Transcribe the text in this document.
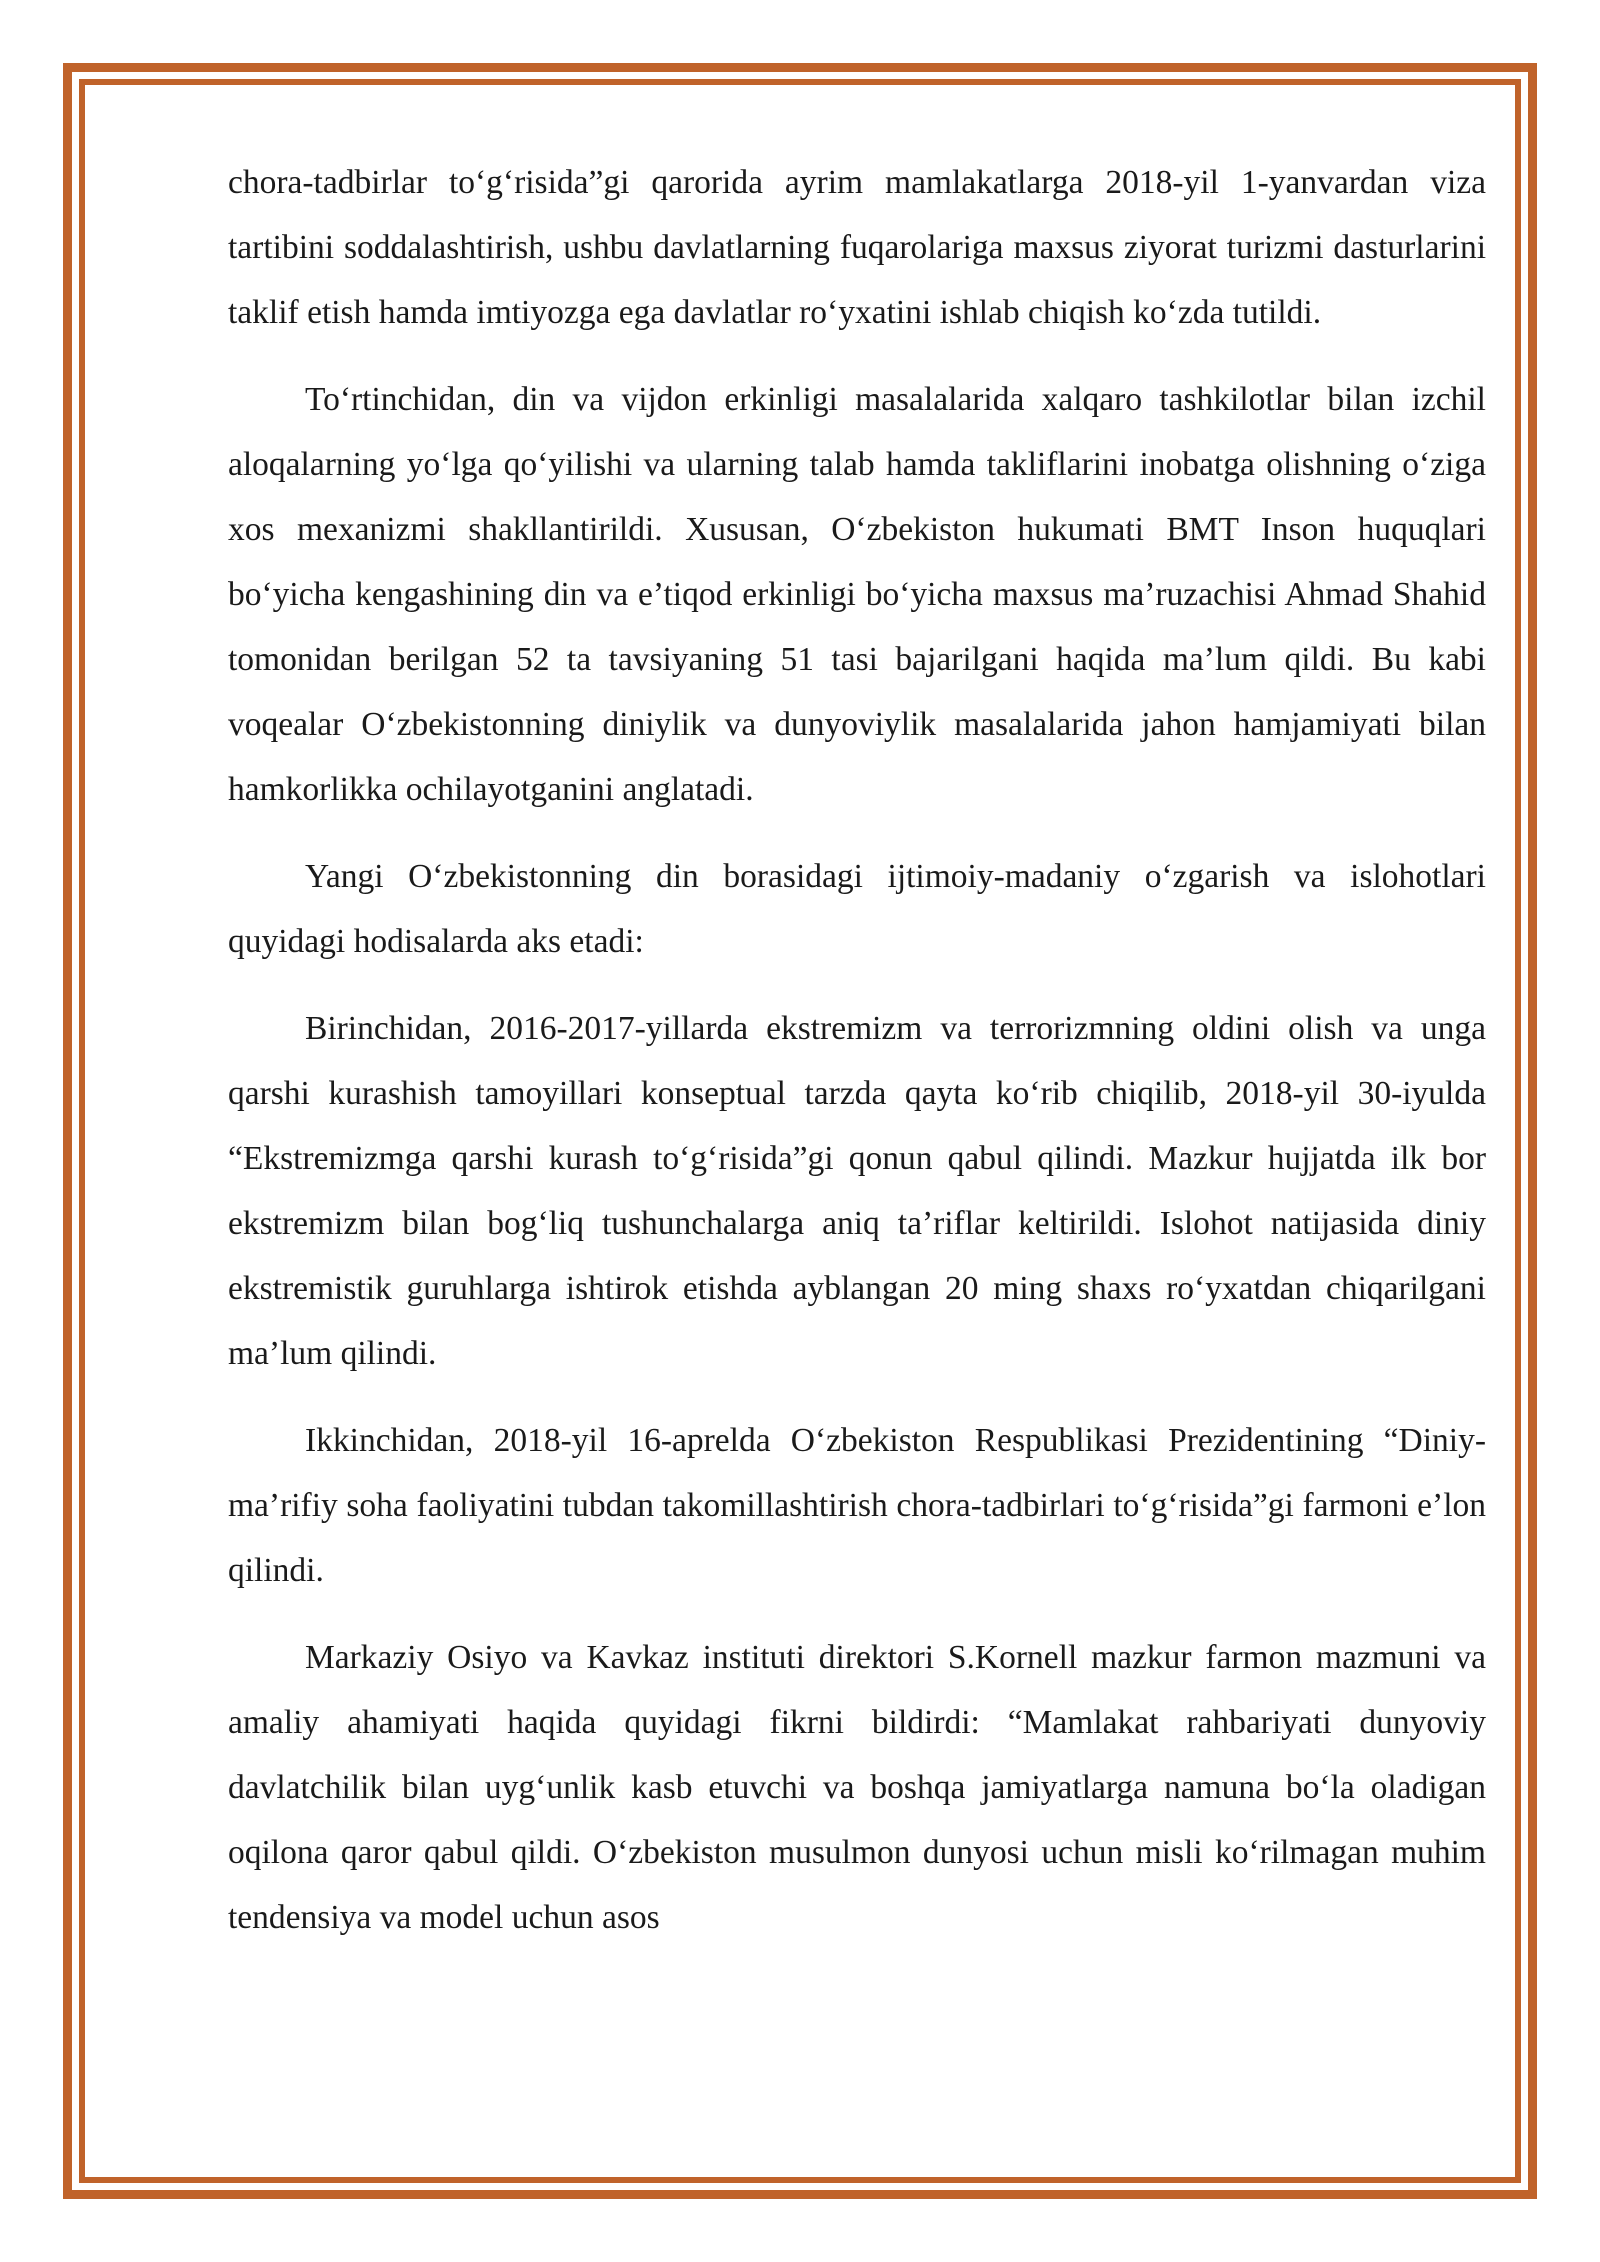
chora-tadbirlar to‘g‘risida”gi qarorida ayrim mamlakatlarga 2018-yil 1-yanvardan viza tartibini soddalashtirish, ushbu davlatlarning fuqarolariga maxsus ziyorat turizmi dasturlarini taklif etish hamda imtiyozga ega davlatlar ro‘yxatini ishlab chiqish ko‘zda tutildi.

To‘rtinchidan, din va vijdon erkinligi masalalarida xalqaro tashkilotlar bilan izchil aloqalarning yo‘lga qo‘yilishi va ularning talab hamda takliflarini inobatga olishning o‘ziga xos mexanizmi shakllantirildi. Xususan, O‘zbekiston hukumati BMT Inson huquqlari bo‘yicha kengashining din va e’tiqod erkinligi bo‘yicha maxsus ma’ruzachisi Ahmad Shahid tomonidan berilgan 52 ta tavsiyaning 51 tasi bajarilgani haqida ma’lum qildi. Bu kabi voqealar O‘zbekistonning diniylik va dunyoviylik masalalarida jahon hamjamiyati bilan hamkorlikka ochilayotganini anglatadi.

Yangi O‘zbekistonning din borasidagi ijtimoiy-madaniy o‘zgarish va islohotlari quyidagi hodisalarda aks etadi:

Birinchidan, 2016-2017-yillarda ekstremizm va terrorizmning oldini olish va unga qarshi kurashish tamoyillari konseptual tarzda qayta ko‘rib chiqilib, 2018-yil 30-iyulda “Ekstremizmga qarshi kurash to‘g‘risida”gi qonun qabul qilindi. Mazkur hujjatda ilk bor ekstremizm bilan bog‘liq tushunchalarga aniq ta’riflar keltirildi. Islohot natijasida diniy ekstremistik guruhlarga ishtirok etishda ayblangan 20 ming shaxs ro‘yxatdan chiqarilgani ma’lum qilindi.

Ikkinchidan, 2018-yil 16-aprelda O‘zbekiston Respublikasi Prezidentining “Diniy-ma’rifiy soha faoliyatini tubdan takomillashtirish chora-tadbirlari to‘g‘risida”gi farmoni e’lon qilindi.

Markaziy Osiyo va Kavkaz instituti direktori S.Kornell mazkur farmon mazmuni va amaliy ahamiyati haqida quyidagi fikrni bildirdi: “Mamlakat rahbariyati dunyoviy davlatchilik bilan uyg‘unlik kasb etuvchi va boshqa jamiyatlarga namuna bo‘la oladigan oqilona qaror qabul qildi. O‘zbekiston musulmon dunyosi uchun misli ko‘rilmagan muhim tendensiya va model uchun asos
